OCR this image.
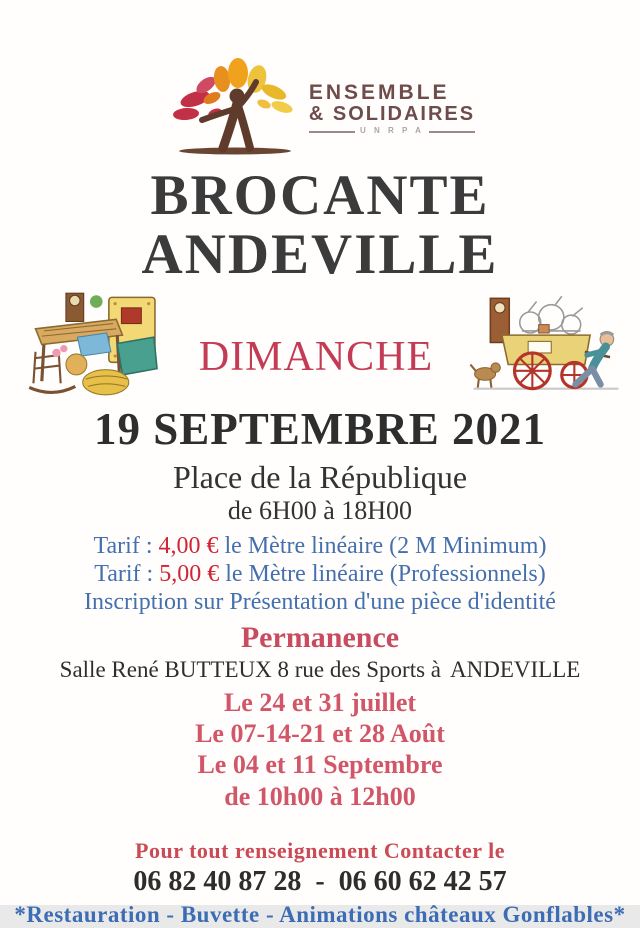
ENSEMBLE
& SOLIDAIRES
U N R P A
BROCANTE
ANDEVILLE
DIMANCHE
19 SEPTEMBRE 2021
Place de la République
de 6H00 à 18H00
Tarif : 4,00 € le Mètre linéaire (2 M Minimum)
Tarif : 5,00 € le Mètre linéaire (Professionnels)
Inscription sur Présentation d'une pièce d'identité
Permanence
Salle René BUTTEUX 8 rue des Sports à ANDEVILLE
Le 24 et 31 juillet
Le 07-14-21 et 28 Août
Le 04 et 11 Septembre
de 10h00 à 12h00
Pour tout renseignement Contacter le
06 82 40 87 28 - 06 60 62 42 57
*Restauration - Buvette - Animations châteaux Gonflables*
